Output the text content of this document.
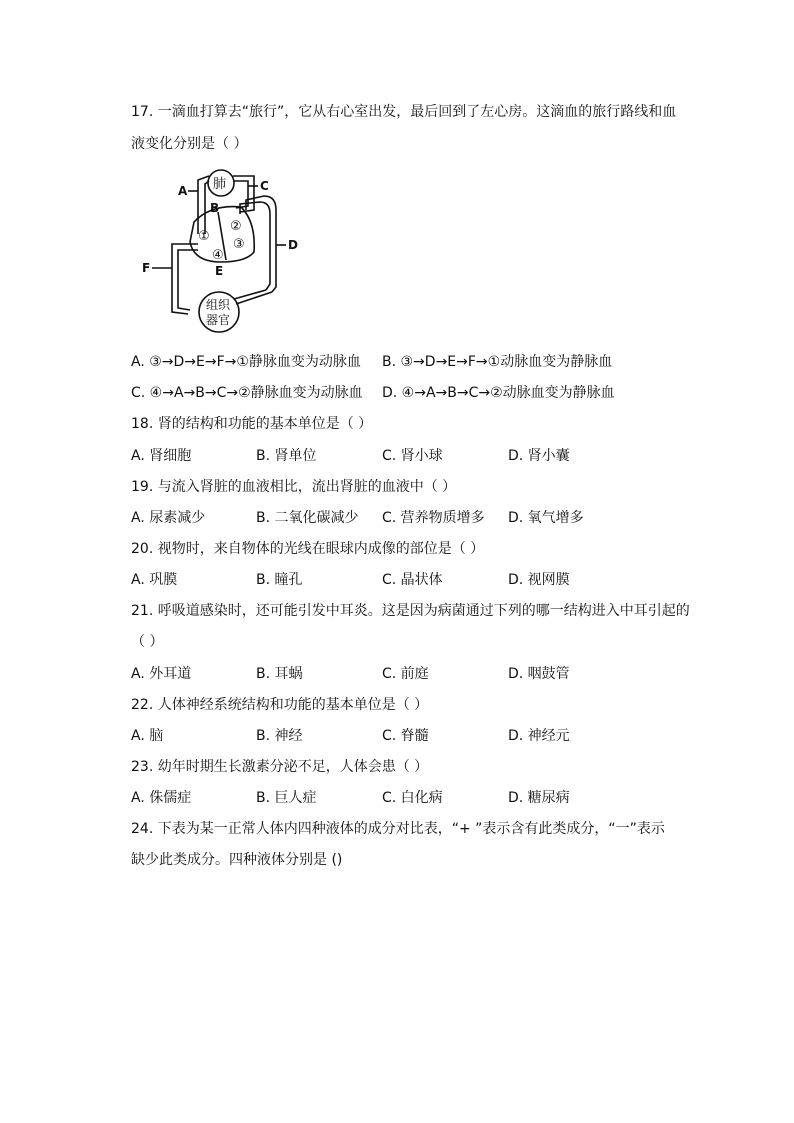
17. 一滴血打算去“旅行”，它从右心室出发，最后回到了左心房。这滴血的旅行路线和血
液变化分别是（ ）
肺
组织
器官
①
②
③
④
A
B
C
D
E
F
A. ③→D→E→F→①静脉血变为动脉血 B. ③→D→E→F→①动脉血变为静脉血
C. ④→A→B→C→②静脉血变为动脉血 D. ④→A→B→C→②动脉血变为静脉血
18. 肾的结构和功能的基本单位是（ ）
A. 肾细胞	B. 肾单位	C. 肾小球	D. 肾小囊
19. 与流入肾脏的血液相比，流出肾脏的血液中（ ）
A. 尿素减少	B. 二氧化碳减少 C. 营养物质增多 D. 氧气增多
20. 视物时，来自物体的光线在眼球内成像的部位是（ ）
A. 巩膜	B. 瞳孔	C. 晶状体	D. 视网膜
21. 呼吸道感染时，还可能引发中耳炎。这是因为病菌通过下列的哪一结构进入中耳引起的
（ ）
A. 外耳道	B. 耳蜗	C. 前庭	D. 咽鼓管
22. 人体神经系统结构和功能的基本单位是（ ）
A. 脑	B. 神经	C. 脊髓	D. 神经元
23. 幼年时期生长激素分泌不足，人体会患（ ）
A. 侏儒症	B. 巨人症	C. 白化病	D. 糖尿病
24. 下表为某一正常人体内四种液体的成分对比表，“+ ”表示含有此类成分，“一”表示
缺少此类成分。四种液体分别是 ()
